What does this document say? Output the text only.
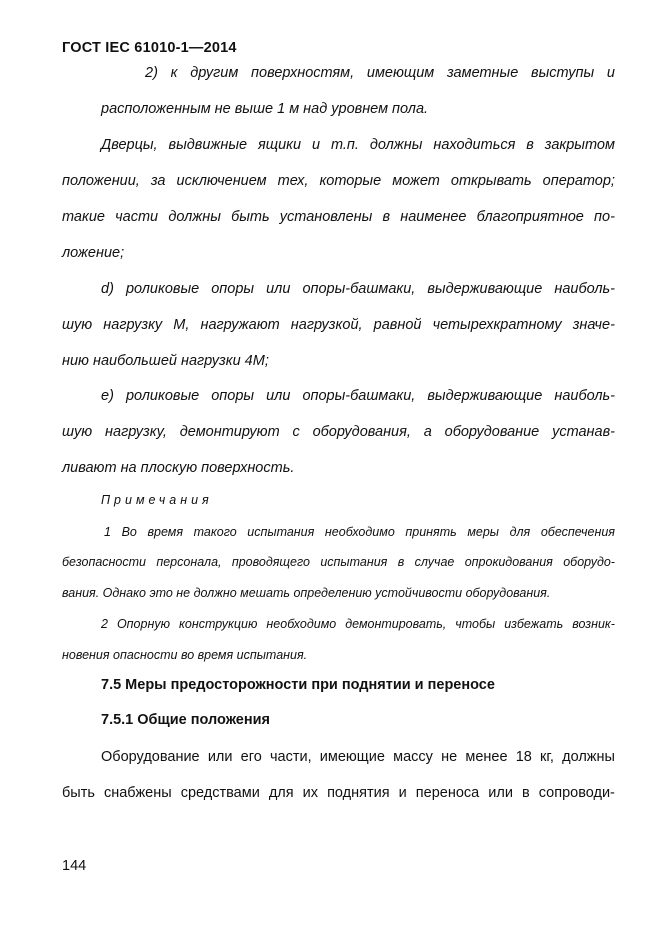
ГОСТ IEC 61010-1—2014
2) к другим поверхностям, имеющим заметные выступы и
расположенным не выше 1 м над уровнем пола.
Дверцы, выдвижные ящики и т.п. должны находиться в закрытом
положении, за исключением тех, которые может открывать оператор;
такие части должны быть установлены в наименее благоприятное по-
ложение;
d) роликовые опоры или опоры-башмаки, выдерживающие наиболь-
шую нагрузку М, нагружают нагрузкой, равной четырехкратному значе-
нию наибольшей нагрузки 4М;
e) роликовые опоры или опоры-башмаки, выдерживающие наиболь-
шую нагрузку, демонтируют с оборудования, а оборудование устанав-
ливают на плоскую поверхность.
Примечания
1 Во время такого испытания необходимо принять меры для обеспечения
безопасности персонала, проводящего испытания в случае опрокидования оборудо-
вания. Однако это не должно мешать определению устойчивости оборудования.
2 Опорную конструкцию необходимо демонтировать, чтобы избежать возник-
новения опасности во время испытания.
7.5 Меры предосторожности при поднятии и переносе
7.5.1 Общие положения
Оборудование или его части, имеющие массу не менее 18 кг, должны
быть снабжены средствами для их поднятия и переноса или в сопроводи-
144
